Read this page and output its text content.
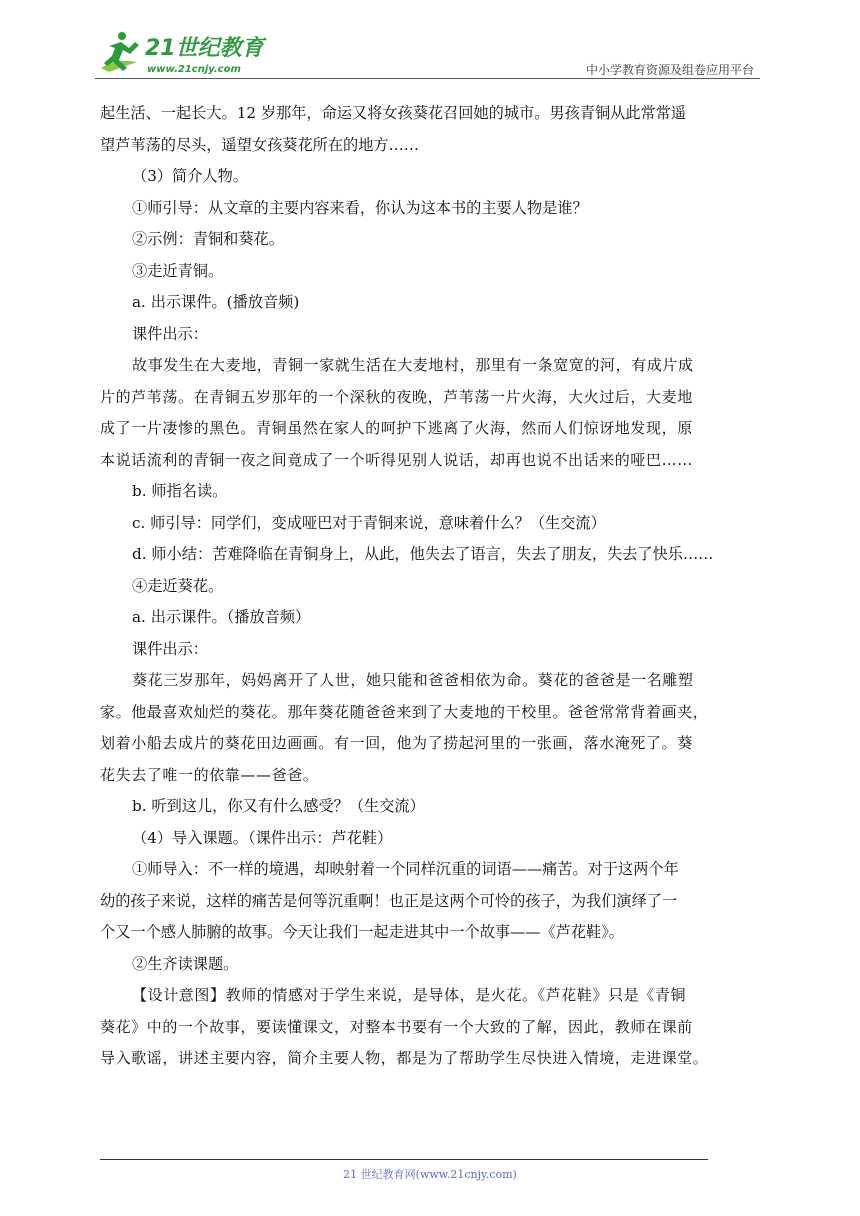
21世纪教育
www.21cnjy.com	中小学教育资源及组卷应用平台

起生活、一起长大。12 岁那年，命运又将女孩葵花召回她的城市。男孩青铜从此常常遥

望芦苇荡的尽头，遥望女孩葵花所在的地方……

（3）简介人物。

①师引导：从文章的主要内容来看，你认为这本书的主要人物是谁？

②示例：青铜和葵花。

③走近青铜。

a. 出示课件。(播放音频)

课件出示：

故事发生在大麦地，青铜一家就生活在大麦地村，那里有一条宽宽的河，有成片成

片的芦苇荡。在青铜五岁那年的一个深秋的夜晚，芦苇荡一片火海，大火过后，大麦地

成了一片凄惨的黑色。青铜虽然在家人的呵护下逃离了火海，然而人们惊讶地发现，原

本说话流利的青铜一夜之间竟成了一个听得见别人说话，却再也说不出话来的哑巴……

b. 师指名读。

c. 师引导：同学们，变成哑巴对于青铜来说，意味着什么？（生交流）

d. 师小结：苦难降临在青铜身上，从此，他失去了语言，失去了朋友，失去了快乐……

④走近葵花。

a. 出示课件。（播放音频）

课件出示：

葵花三岁那年，妈妈离开了人世，她只能和爸爸相依为命。葵花的爸爸是一名雕塑

家。他最喜欢灿烂的葵花。那年葵花随爸爸来到了大麦地的干校里。爸爸常常背着画夹，

划着小船去成片的葵花田边画画。有一回，他为了捞起河里的一张画，落水淹死了。葵

花失去了唯一的依靠——爸爸。

b. 听到这儿，你又有什么感受？（生交流）

（4）导入课题。（课件出示：芦花鞋）

①师导入：不一样的境遇，却映射着一个同样沉重的词语——痛苦。对于这两个年

幼的孩子来说，这样的痛苦是何等沉重啊！也正是这两个可怜的孩子，为我们演绎了一

个又一个感人肺腑的故事。今天让我们一起走进其中一个故事——《芦花鞋》。

②生齐读课题。

【设计意图】教师的情感对于学生来说，是导体，是火花。《芦花鞋》只是《青铜

葵花》中的一个故事，要读懂课文，对整本书要有一个大致的了解，因此，教师在课前

导入歌谣，讲述主要内容，简介主要人物，都是为了帮助学生尽快进入情境，走进课堂。

21 世纪教育网(www.21cnjy.com)
